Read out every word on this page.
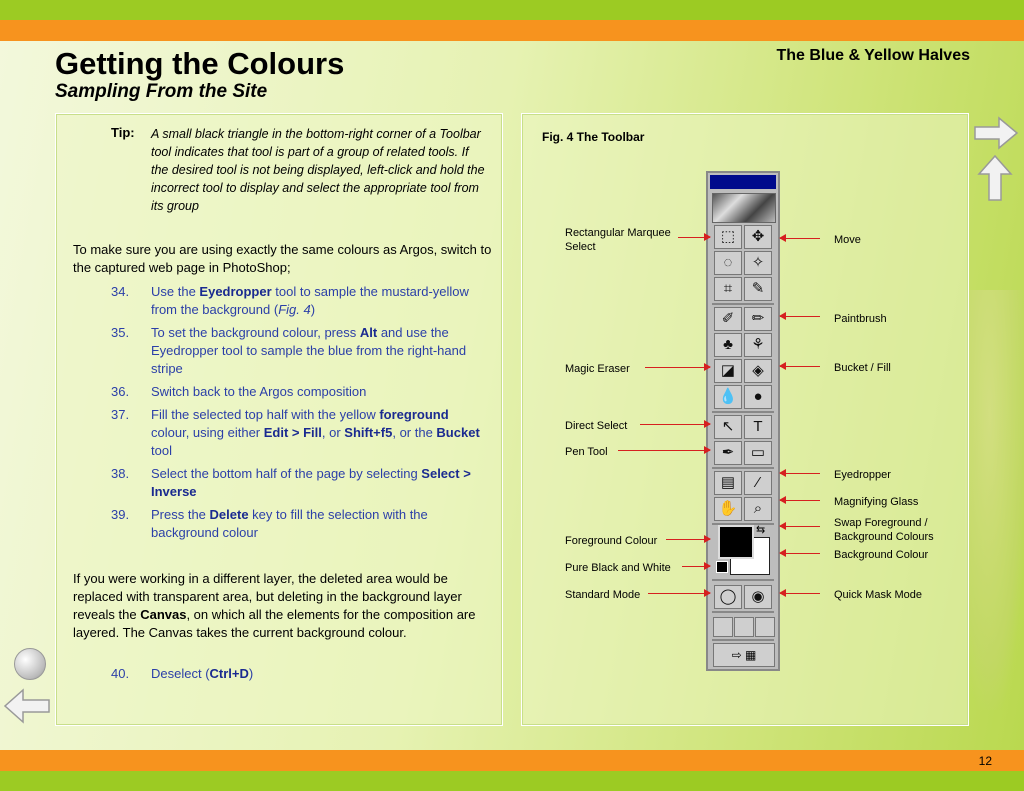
Getting the Colours
Sampling From the Site
The Blue & Yellow Halves
Tip: A small black triangle in the bottom-right corner of a Toolbar tool indicates that tool is part of a group of related tools. If the desired tool is not being displayed, left-click and hold the incorrect tool to display and select the appropriate tool from its group
To make sure you are using exactly the same colours as Argos, switch to the captured web page in PhotoShop;
34. Use the Eyedropper tool to sample the mustard-yellow from the background (Fig. 4)
35. To set the background colour, press Alt and use the Eyedropper tool to sample the blue from the right-hand stripe
36. Switch back to the Argos composition
37. Fill the selected top half with the yellow foreground colour, using either Edit > Fill, or Shift+f5, or the Bucket tool
38. Select the bottom half of the page by selecting Select > Inverse
39. Press the Delete key to fill the selection with the background colour
If you were working in a different layer, the deleted area would be replaced with transparent area, but deleting in the background layer reveals the Canvas, on which all the elements for the composition are layered. The Canvas takes the current background colour.
40. Deselect (Ctrl+D)
Fig. 4 The Toolbar
⬚	✥
◌	✧
⌗	✎
✐	✏
♣	⚘
◪	◈
💧	●
↖	T
✒	▭
▤	⁄
✋	⌕
⇆
◯	◉
⇨ ▦
Rectangular Marquee Select
Magic Eraser
Direct Select
Pen Tool
Foreground Colour
Pure Black and White
Standard Mode
Move
Paintbrush
Bucket / Fill
Eyedropper
Magnifying Glass
Swap Foreground / Background Colours
Background Colour
Quick Mask Mode
12
